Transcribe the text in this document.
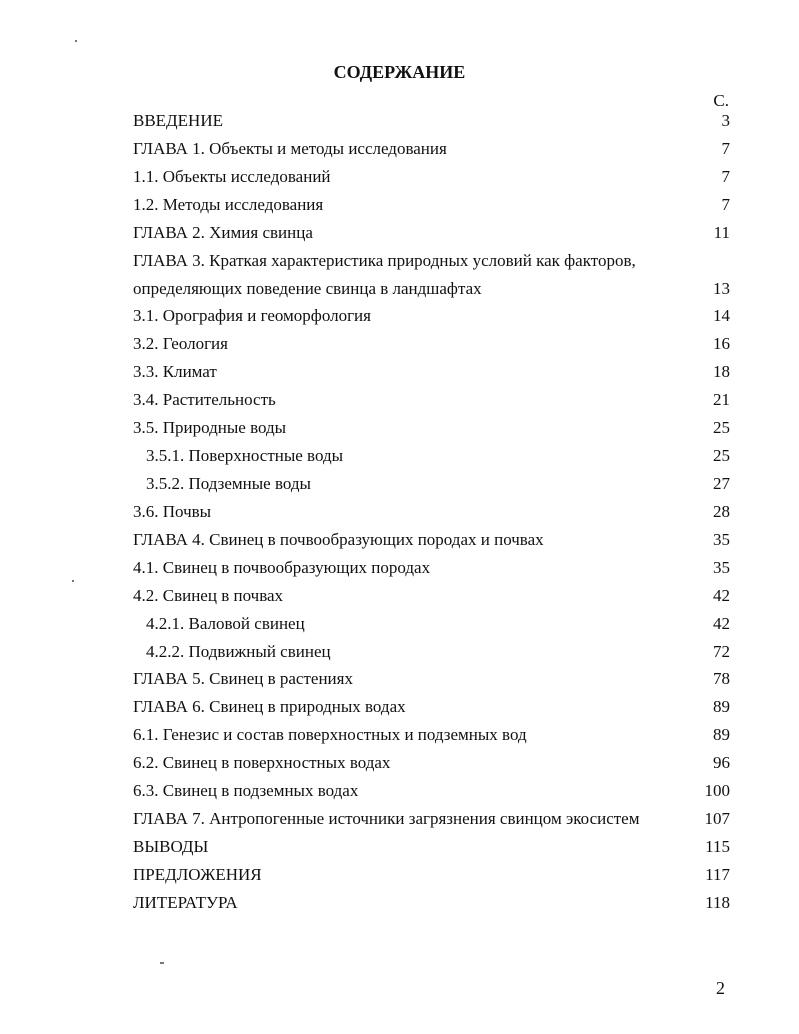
СОДЕРЖАНИЕ
С.
ВВЕДЕНИЕ	3
ГЛАВА 1. Объекты и методы исследования	7
1.1. Объекты исследований	7
1.2. Методы исследования	7
ГЛАВА 2. Химия свинца	11
ГЛАВА 3. Краткая характеристика природных условий как факторов,
определяющих поведение свинца в ландшафтах	13
3.1. Орография и геоморфология	14
3.2. Геология	16
3.3. Климат	18
3.4. Растительность	21
3.5. Природные воды	25
3.5.1. Поверхностные воды	25
3.5.2. Подземные воды	27
3.6. Почвы	28
ГЛАВА 4. Свинец в почвообразующих породах и почвах	35
4.1. Свинец в почвообразующих породах	35
4.2. Свинец в почвах	42
4.2.1. Валовой свинец	42
4.2.2. Подвижный свинец	72
ГЛАВА 5. Свинец в растениях	78
ГЛАВА 6. Свинец в природных водах	89
6.1. Генезис и состав поверхностных и подземных вод	89
6.2. Свинец в поверхностных водах	96
6.3. Свинец в подземных водах	100
ГЛАВА 7. Антропогенные источники загрязнения свинцом экосистем	107
ВЫВОДЫ	115
ПРЕДЛОЖЕНИЯ	117
ЛИТЕРАТУРА	118
2
